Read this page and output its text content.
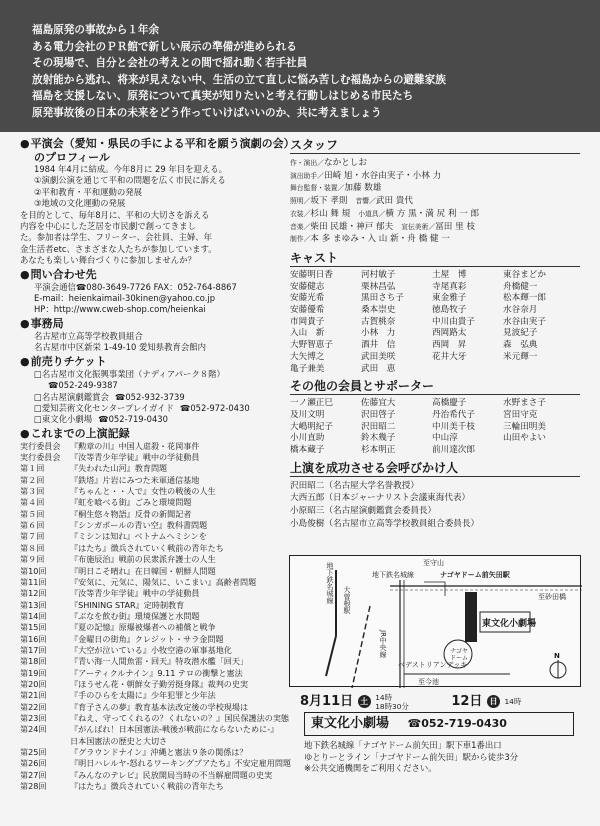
福島原発の事故から１年余

ある電力会社のＰＲ館で新しい展示の準備が進められる

その現場で、自分と会社の考えとの間で揺れ動く若手社員

放射能から逃れ、将来が見えない中、生活の立て直しに悩み苦しむ福島からの避難家族

福島を支援しない、原発について真実が知りたいと考え行動しはじめる市民たち

原発事故後の日本の未来をどう作っていけばいいのか、共に考えましょう

● 平演会（愛知・県民の手による平和を願う演劇の会）
のプロフィール
1984 年4月に結成。今年8月に 29 年目を迎える。
①演劇公演を通じて平和の問題を広く市民に訴える
②平和教育・平和運動の発展
③地域の文化運動の発展
を目的として、毎年8月に、平和の大切さを訴える
内容を中心にした芝居を市民劇で創ってきまし
た。参加者は学生、フリーター、会社員、主婦、年
金生活者etc、さまざまな人たちが参加しています。
あなたも楽しい舞台づくりに参加しませんか？
● 問い合わせ先
平演会通信☎080-3649-7726 FAX：052-764-8867
E-mail：heienkaimail-30kinen@yahoo.co.jp
HP：http://www.cweb-shop.com/heienkai
● 事務局
名古屋市立高等学校教員組合
名古屋市中区新栄 1-49-10 愛知県教育会館内
● 前売りチケット
□名古屋市文化振興事業団（ナディアパーク８階）
☎052-249-9387
□名古屋演劇鑑賞会 ☎052-932-3739
□愛知芸術文化センタープレイガイド ☎052-972-0430
□東文化小劇場 ☎052-719-0430
● これまでの上演記録
実行委員会 『勲章の川』中国人虐殺・花岡事件
実行委員会 『汝等青少年学徒』戦中の学徒動員
第１回	『失われた山河』教育問題
第２回	『鉄塔』片岩にみつた米軍通信基地
第３回	『ちゃんと・・人で』女性の戦後の人生
第４回	『虹を喰べる街』ごみと環境問題
第５回	『桐生悠々物語』反骨の新聞記者
第６回	『シンガポールの青い空』教科書問題
第７回	『ミシンは知れ』ベトナムヘミシンを
第８回	『はたち』徴兵されていく戦前の青年たち
第９回	『布施辰治』戦前の民衆派弁護士の人生
第10回	『明日こそ晴れ』在日韓国・朝鮮人問題
第11回	『安気に、元気に、陽気に、いこまい』高齢者問題
第12回	『汝等青少年学徒』戦中の学徒動員
第13回	『SHINING STAR』定時制教育
第14回	『ぶなを飲む街』環境保護と水問題
第15回	『夏の記憶』原爆被爆者への補償と戦争
第16回	『金曜日の街角』クレジット・サラ金問題
第17回	『大空が泣いている』小牧空港の軍事基地化
第18回	『青い海一人間魚雷・回天』特攻潜水艦「回天」
第19回	『アーティクルナイン』9.11 テロの衝撃と憲法
第20回	『ほうせん花・朝鮮女子勤労挺身隊』裁判の史実
第21回	『手のひらを太陽に』少年犯罪と少年法
第22回	『育子さんの夢』教育基本法改定後の学校現場は
第23回	『ねえ、守ってくれるの？くれないの？』国民保護法の実態
第24回	『がんばれ！日本国憲法‐戦後が戦前にならないために‐』
日本国憲法の歴史と大切さ
第25回	『グラウンドナイン』沖縄と憲法９条の関係は？
第26回	『明日ハレルヤ‐怒れるワーキングプアたち』不安定雇用問題
第27回	『みんなのテレビ』民放開局当時の不当解雇問題の史実
第28回	『はたち』徴兵されていく戦前の青年たち
スタッフ
作・演出／なかとしお
演出助手／田崎 旭・水谷由実子・小林 力
舞台監督・装置／加藤 数雄
照明／坂下 孝則 音響／武田 貴代
衣装／杉山 舞 規 小道具／横 方 黒・満 尻 利 一 郎
音楽／柴田 民雄・神戸 郁夫 宣伝美術／冨田 里 枝
制作／本 多 まゆみ・入 山 新・舟 橋 健 一
キャスト
安藤明日香	河村敏子	土屋　博	東谷まどか
安藤健志	栗林昌弘	寺尾真彩	舟橋健一
安藤光希	黒田さち子	東金雅子	松本輝一郎
安藤優希	桑本崇史	徳島牧子	水谷奈月
市岡貴子	古賀桃奈	中川由貴子	水谷由実子
入山　新	小林　力	西岡路太	見波紀子
大野智恵子	酒井　信	西岡　昇	森　弘典
大矢博之	武田美咲	花井大牙	米元輝一
亀子兼美	武田　恵
その他の会員とサポーター
一ノ瀬正巳	佐藤宜大	高橋慶子	水野まさ子
及川文明	沢田啓子	丹治希代子	宮田守克
大嶋明紀子	沢田昭二	中川美千枝	三輪田明美
小川直助	鈴木幾子	中山淳	山田やよい
橋本藏子	杉本明正	前川達次郎
上演を成功させる会呼びかけ人
沢田昭二（名古屋大学名誉教授）
大西五郎（日本ジャーナリスト会議東海代表）
小原昭三（名古屋演劇鑑賞会委員長）
小島俊樹（名古屋市立高等学校教員組合委員長）
至守山
地下鉄名城線	ナゴヤドーム前矢田駅
至砂田橋
大曽根駅
地下鉄名城線
JR中央線
東文化小劇場
ナゴヤドーム
ベデストリアンデッキ
至今池
N
8月11日 土 14時
18時30分	12日 日 14時
東文化小劇場 ☎052-719-0430
地下鉄名城線「ナゴヤドーム前矢田」駅下車1番出口
ゆとりーとライン「ナゴヤドーム前矢田」駅から徒歩3分
※公共交通機関をご利用ください。
